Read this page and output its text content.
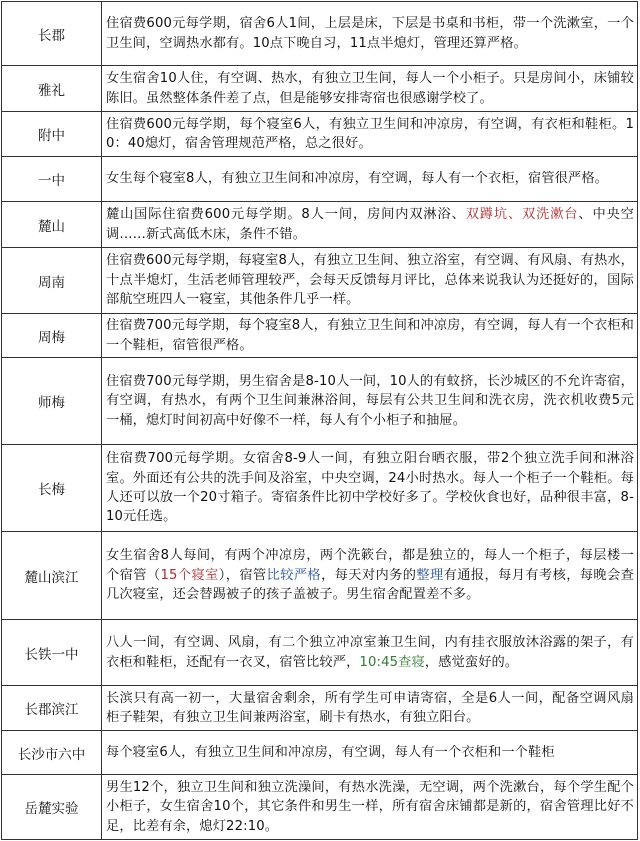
长郡	住宿费600元每学期，宿舍6人1间，上层是床，下层是书桌和书柜，带一个洗漱室，一个卫生间，空调热水都有。10点下晚自习，11点半熄灯，管理还算严格。
雅礼	女生宿舍10人住，有空调、热水，有独立卫生间，每人一个小柜子。只是房间小，床铺较陈旧。虽然整体条件差了点，但是能够安排寄宿也很感谢学校了。
附中	住宿费600元每学期，每个寝室6人，有独立卫生间和冲凉房，有空调，有衣柜和鞋柜。10：40熄灯，宿舍管理规范严格，总之很好。
一中	女生每个寝室8人，有独立卫生间和冲凉房，有空调，每人有一个衣柜，宿管很严格。
麓山	麓山国际住宿费600元每学期。8人一间，房间内双淋浴、双蹲坑、双洗漱台、中央空调……新式高低木床，条件不错。
周南	住宿费600元每学期，每寝室8人，有独立卫生间、独立浴室，有空调、有风扇、有热水，十点半熄灯，生活老师管理较严，会每天反馈每月评比，总体来说我认为还挺好的，国际部航空班四人一寝室，其他条件几乎一样。
周梅	住宿费700元每学期，每个寝室8人，有独立卫生间和冲凉房，有空调，每人有一个衣柜和一个鞋柜，宿管很严格。
师梅	住宿费700元每学期，男生宿舍是8-10人一间，10人的有蚊挤，长沙城区的不允许寄宿，有空调，有热水，有两个卫生间兼淋浴间，每层有公共卫生间和洗衣房，洗衣机收费5元一桶，熄灯时间初高中好像不一样，每人有个小柜子和抽屉。
长梅	住宿费700元每学期。女宿舍8-9人一间，有独立阳台晒衣服，带2个独立洗手间和淋浴室。外面还有公共的洗手间及浴室，中央空调，24小时热水。每人一个柜子一个鞋柜。每人还可以放一个20寸箱子。寄宿条件比初中学校好多了。学校伙食也好，品种很丰富，8-10元任选。
麓山滨江	女生宿舍8人每间，有两个冲凉房，两个洗簌台，都是独立的，每人一个柜子，每层楼一个宿管（15个寝室），宿管比较严格，每天对内务的整理有通报，每月有考核，每晚会查几次寝室，还会替踢被子的孩子盖被子。男生宿舍配置差不多。
长铁一中	八人一间，有空调、风扇，有二个独立冲凉室兼卫生间，内有挂衣服放沐浴露的架子，有衣柜和鞋柜，还配有一衣叉，宿管比较严，10:45查寝，感觉蛮好的。
长郡滨江	长滨只有高一初一，大量宿舍剩余，所有学生可申请寄宿，全是6人一间，配备空调风扇柜子鞋架，有独立卫生间兼两浴室，刷卡有热水，有独立阳台。
长沙市六中	每个寝室6人，有独立卫生间和冲凉房，有空调，每人有一个衣柜和一个鞋柜
岳麓实验	男生12个，独立卫生间和独立洗澡间，有热水洗澡，无空调，两个洗漱台，每个学生配个小柜子，女生宿舍10个，其它条件和男生一样，所有宿舍床铺都是新的，宿舍管理比好不足，比差有余，熄灯22:10。
